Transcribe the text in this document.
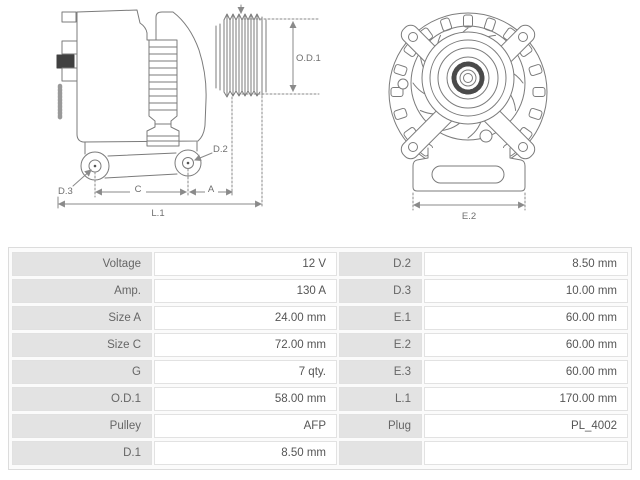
O.D.1
D.2
D.3	C	A
L.1	E.2
Voltage	12 V	D.2	8.50 mm
Amp.	130 A	D.3	10.00 mm
Size A	24.00 mm	E.1	60.00 mm
Size C	72.00 mm	E.2	60.00 mm
G	7 qty.	E.3	60.00 mm
O.D.1	58.00 mm	L.1	170.00 mm
Pulley	AFP	Plug	PL_4002
D.1	8.50 mm		
